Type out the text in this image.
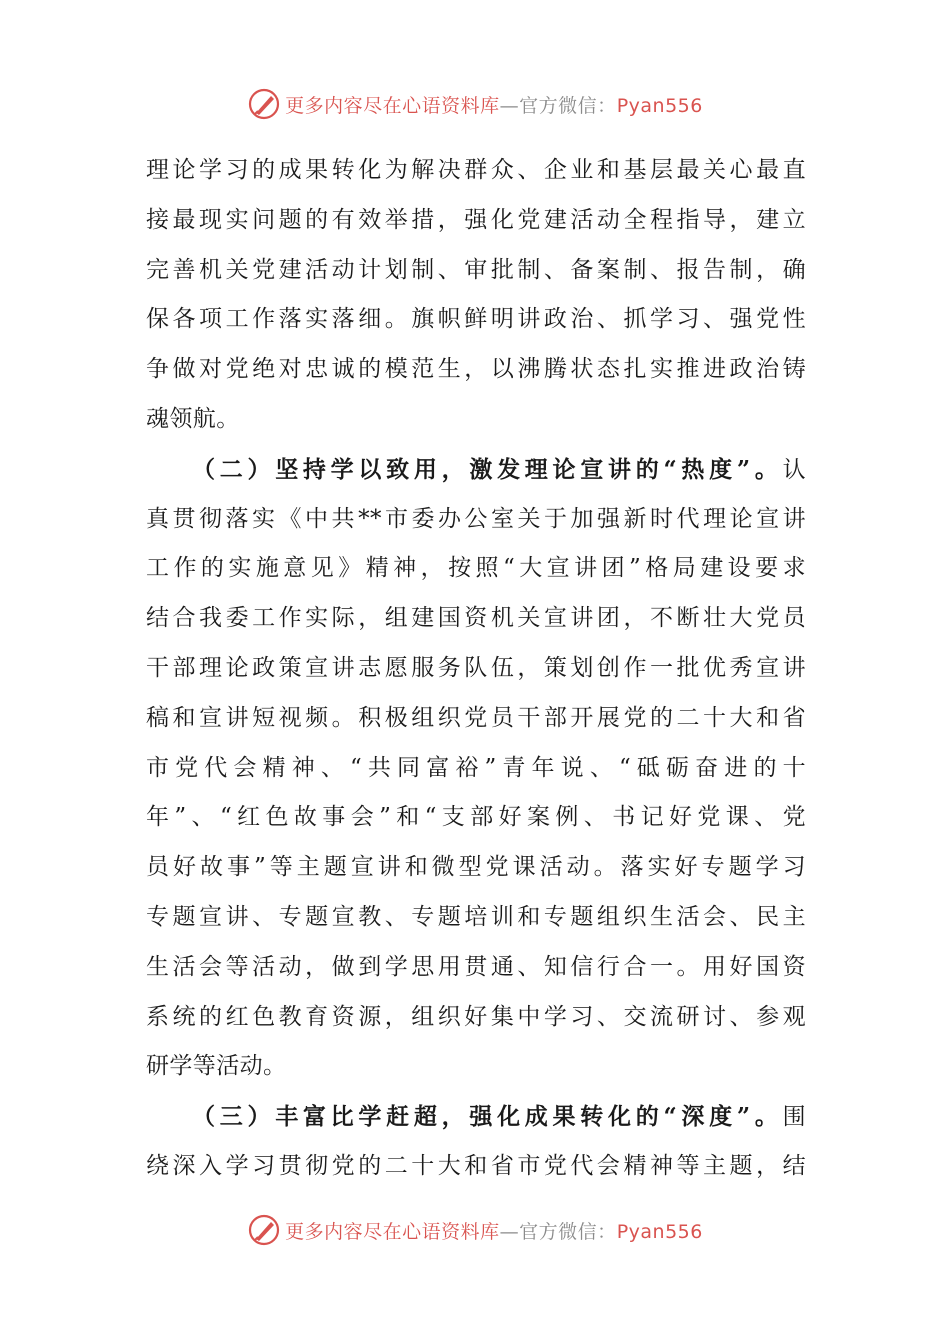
更多内容尽在心语资料库—官方微信：Pyan556
理论学习的成果转化为解决群众、企业和基层最关心最直
接最现实问题的有效举措，强化党建活动全程指导，建立
完善机关党建活动计划制、审批制、备案制、报告制，确
保各项工作落实落细。旗帜鲜明讲政治、抓学习、强党性
争做对党绝对忠诚的模范生，以沸腾状态扎实推进政治铸
魂领航。
（二）坚持学以致用，激发理论宣讲的“热度”。认
真贯彻落实《中共**市委办公室关于加强新时代理论宣讲
工作的实施意见》精神，按照“大宣讲团”格局建设要求
结合我委工作实际，组建国资机关宣讲团，不断壮大党员
干部理论政策宣讲志愿服务队伍，策划创作一批优秀宣讲
稿和宣讲短视频。积极组织党员干部开展党的二十大和省
市党代会精神、“共同富裕”青年说、“砥砺奋进的十
年”、“红色故事会”和“支部好案例、书记好党课、党
员好故事”等主题宣讲和微型党课活动。落实好专题学习
专题宣讲、专题宣教、专题培训和专题组织生活会、民主
生活会等活动，做到学思用贯通、知信行合一。用好国资
系统的红色教育资源，组织好集中学习、交流研讨、参观
研学等活动。
（三）丰富比学赶超，强化成果转化的“深度”。围
绕深入学习贯彻党的二十大和省市党代会精神等主题，结
更多内容尽在心语资料库—官方微信：Pyan556
